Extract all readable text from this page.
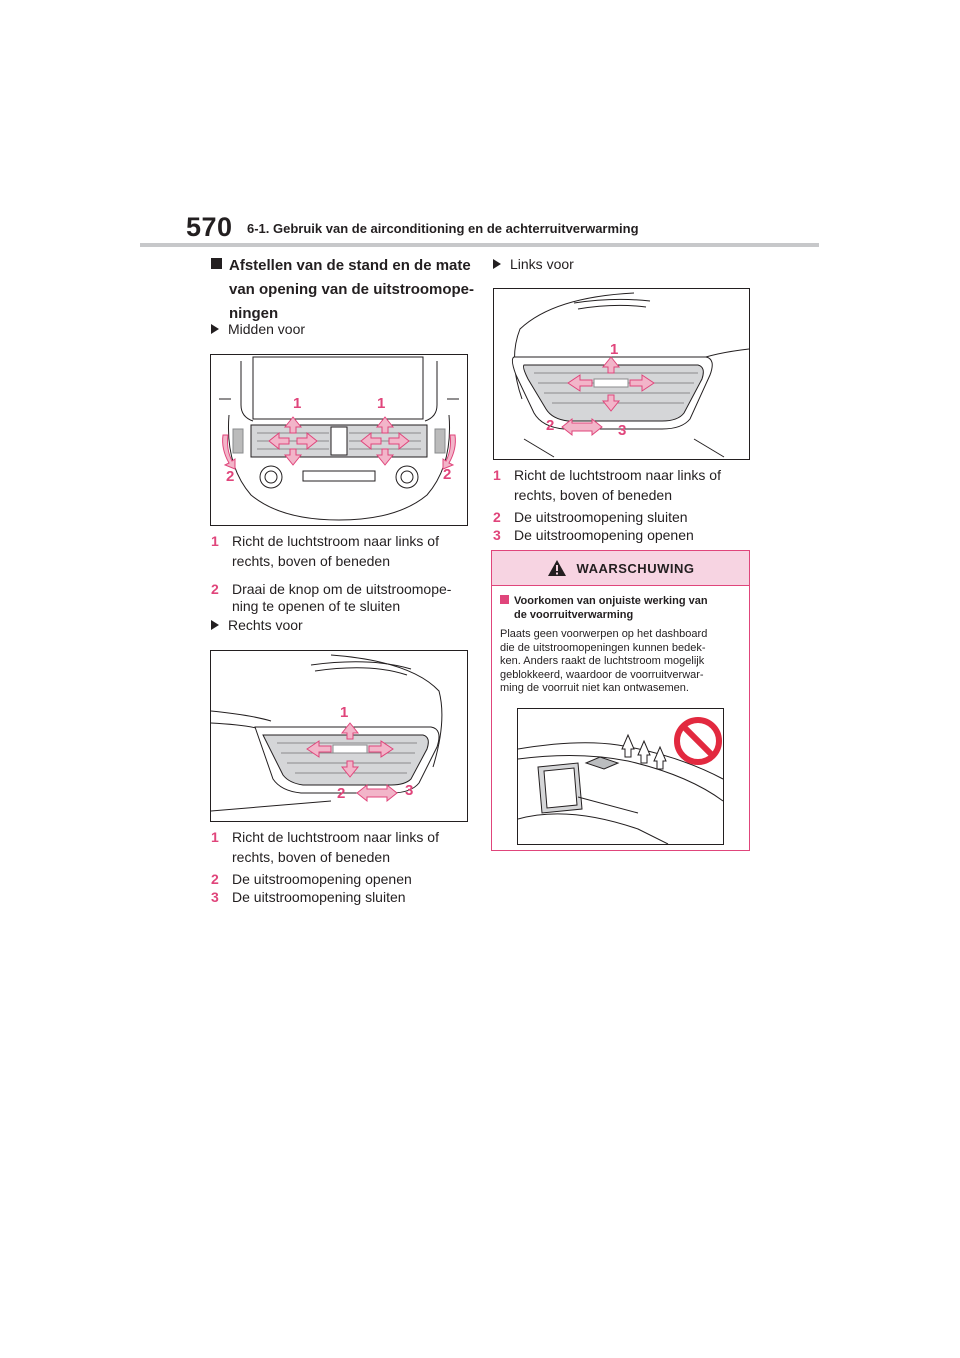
570 6-1. Gebruik van de airconditioning en de achterruitverwarming
Afstellen van de stand en de mate
van opening van de uitstroomope-
ningen
Midden voor
1	1
2	2
1 Richt de luchtstroom naar links of
rechts, boven of beneden
2 Draai de knop om de uitstroomope-
ning te openen of te sluiten
Rechts voor
1
2	3
1 Richt de luchtstroom naar links of
rechts, boven of beneden
2 De uitstroomopening openen
3 De uitstroomopening sluiten
Links voor
1
2	3
1 Richt de luchtstroom naar links of
rechts, boven of beneden
2 De uitstroomopening sluiten
3 De uitstroomopening openen
WAARSCHUWING
Voorkomen van onjuiste werking van
de voorruitverwarming
Plaats geen voorwerpen op het dashboard
die de uitstroomopeningen kunnen bedek-
ken. Anders raakt de luchtstroom mogelijk
geblokkeerd, waardoor de voorruitverwar-
ming de voorruit niet kan ontwasemen.
